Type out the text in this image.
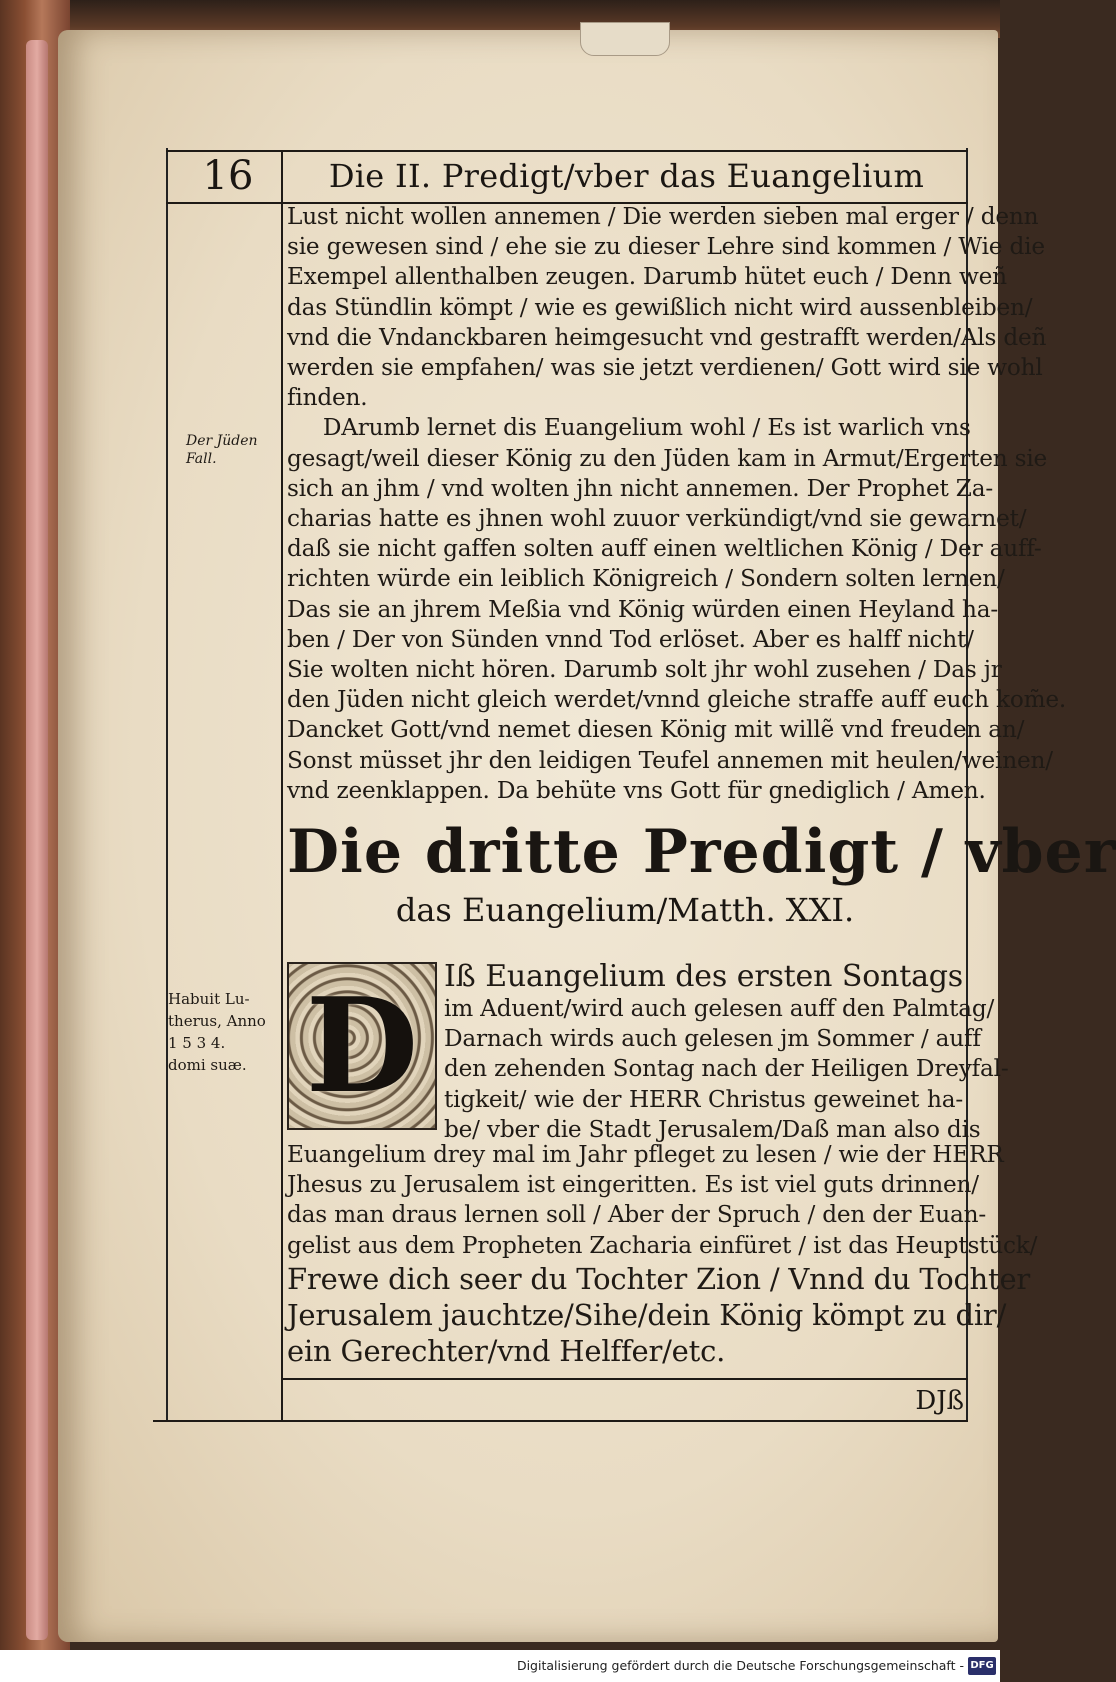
16	Die II. Predigt/vber das Euangelium
Lust nicht wollen annemen / Die werden sieben mal erger / denn
sie gewesen sind / ehe sie zu dieser Lehre sind kommen / Wie die
Exempel allenthalben zeugen. Darumb hütet euch / Denn weñ
das Stündlin kömpt / wie es gewißlich nicht wird aussenbleiben/
vnd die Vndanckbaren heimgesucht vnd gestrafft werden/Als deñ
werden sie empfahen/ was sie jetzt verdienen/ Gott wird sie wohl
finden.
DArumb lernet dis Euangelium wohl / Es ist warlich vns
gesagt/weil dieser König zu den Jüden kam in Armut/Ergerten sie
sich an jhm / vnd wolten jhn nicht annemen. Der Prophet Za-
charias hatte es jhnen wohl zuuor verkündigt/vnd sie gewarnet/
daß sie nicht gaffen solten auff einen weltlichen König / Der auff-
richten würde ein leiblich Königreich / Sondern solten lernen/
Das sie an jhrem Meßia vnd König würden einen Heyland ha-
ben / Der von Sünden vnnd Tod erlöset. Aber es halff nicht/
Sie wolten nicht hören. Darumb solt jhr wohl zusehen / Das jr
den Jüden nicht gleich werdet/vnnd gleiche straffe auff euch kom̃e.
Dancket Gott/vnd nemet diesen König mit willẽ vnd freuden an/
Sonst müsset jhr den leidigen Teufel annemen mit heulen/weinen/
vnd zeenklappen. Da behüte vns Gott für gnediglich / Amen.
Die dritte Predigt / vber
das Euangelium/Matth. XXI.
D Iß Euangelium des ersten Sontags
im Aduent/wird auch gelesen auff den Palmtag/
Darnach wirds auch gelesen jm Sommer / auff
den zehenden Sontag nach der Heiligen Dreyfal-
tigkeit/ wie der HERR Christus geweinet ha-
be/ vber die Stadt Jerusalem/Daß man also dis
Euangelium drey mal im Jahr pfleget zu lesen / wie der HERR
Jhesus zu Jerusalem ist eingeritten. Es ist viel guts drinnen/
das man draus lernen soll / Aber der Spruch / den der Euan-
gelist aus dem Propheten Zacharia einfüret / ist das Heuptstück/
Frewe dich seer du Tochter Zion / Vnnd du Tochter
Jerusalem jauchtze/Sihe/dein König kömpt zu dir/
ein Gerechter/vnd Helffer/etc.
Der Jüden
Fall.
Habuit Lu-
therus, Anno
1 5 3 4.
domi suæ.
DJß
Digitalisierung gefördert durch die Deutsche Forschungsgemeinschaft - DFG
